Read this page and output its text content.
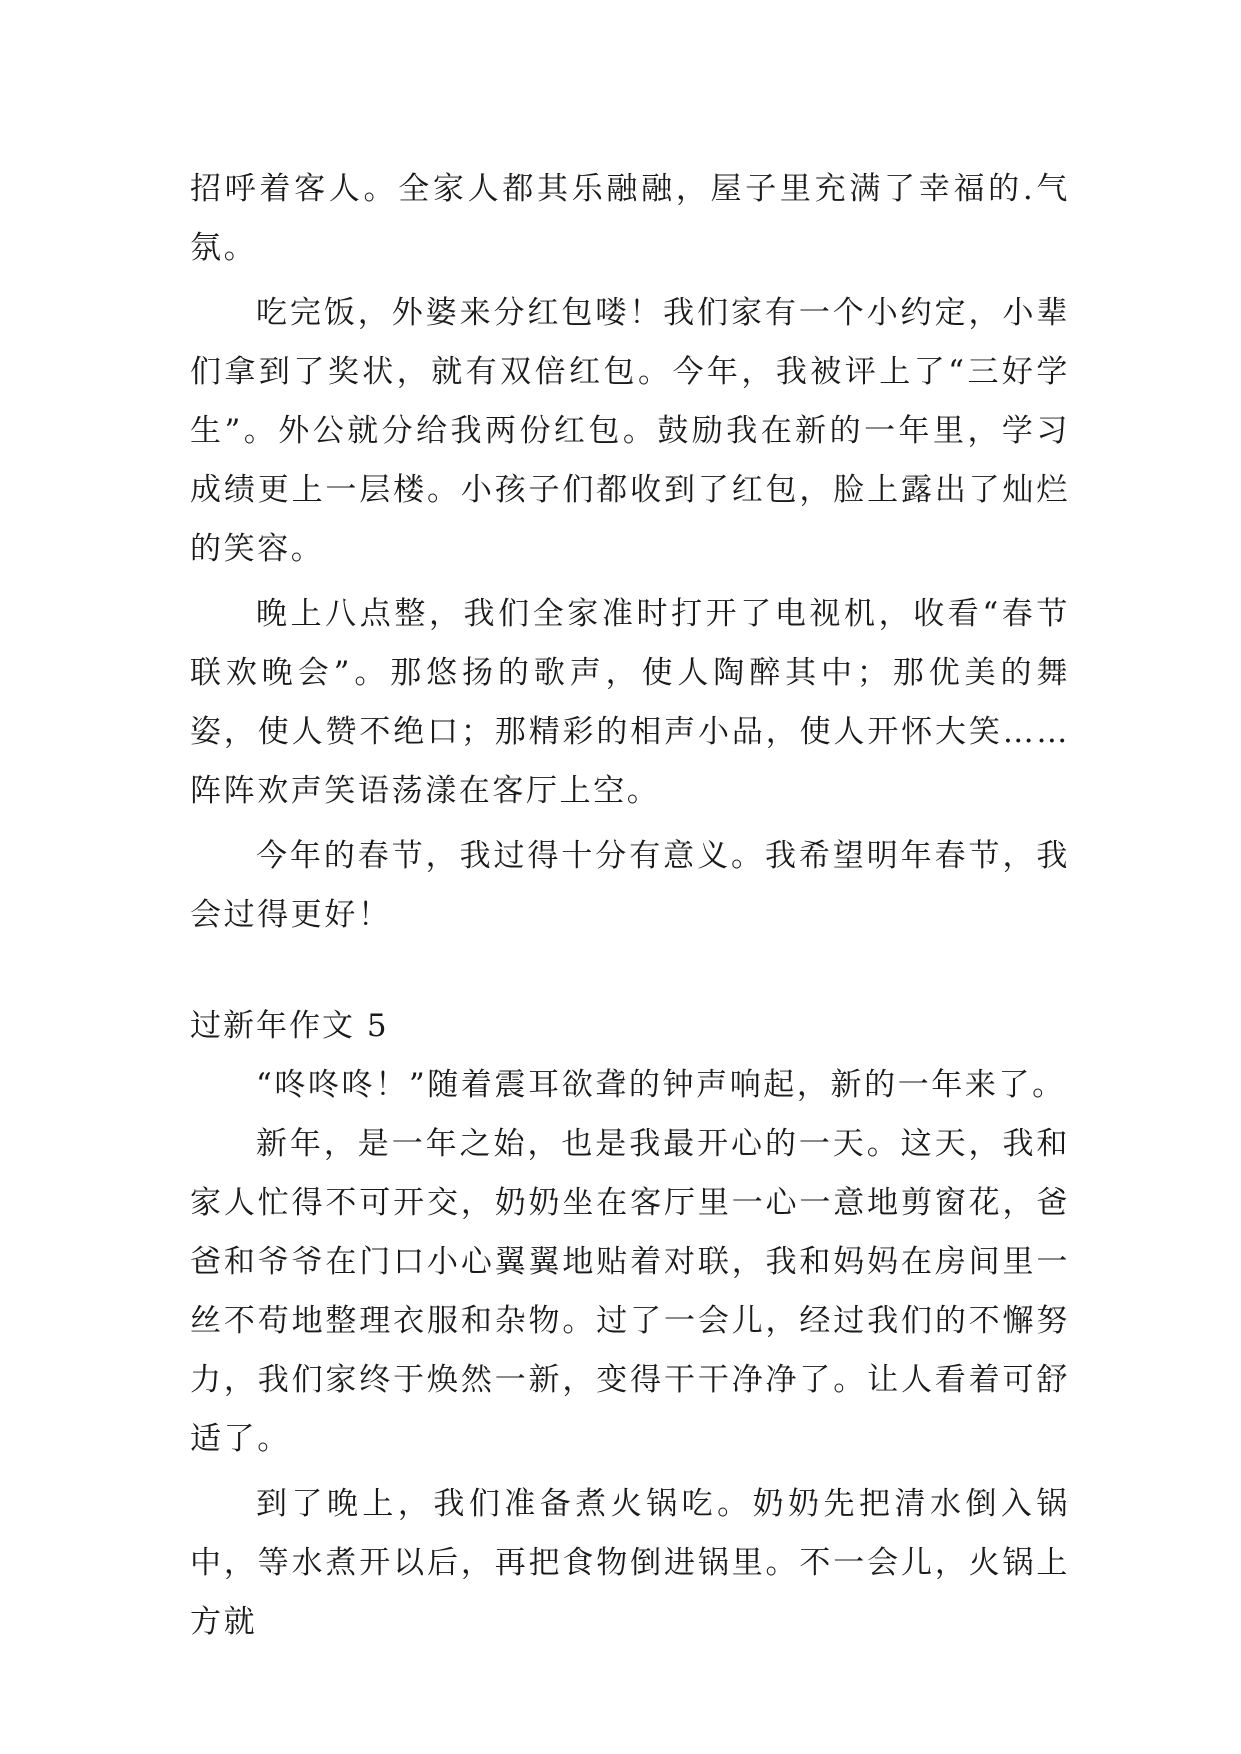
招呼着客人。全家人都其乐融融，屋子里充满了幸福的.气氛。

吃完饭，外婆来分红包喽！我们家有一个小约定，小辈们拿到了奖状，就有双倍红包。今年，我被评上了“三好学生”。外公就分给我两份红包。鼓励我在新的一年里，学习成绩更上一层楼。小孩子们都收到了红包，脸上露出了灿烂的笑容。

晚上八点整，我们全家准时打开了电视机，收看“春节联欢晚会”。那悠扬的歌声，使人陶醉其中；那优美的舞姿，使人赞不绝口；那精彩的相声小品，使人开怀大笑……阵阵欢声笑语荡漾在客厅上空。

今年的春节，我过得十分有意义。我希望明年春节，我会过得更好！

过新年作文 5

“咚咚咚！”随着震耳欲聋的钟声响起，新的一年来了。

新年，是一年之始，也是我最开心的一天。这天，我和家人忙得不可开交，奶奶坐在客厅里一心一意地剪窗花，爸爸和爷爷在门口小心翼翼地贴着对联，我和妈妈在房间里一丝不苟地整理衣服和杂物。过了一会儿，经过我们的不懈努力，我们家终于焕然一新，变得干干净净了。让人看着可舒适了。

到了晚上，我们准备煮火锅吃。奶奶先把清水倒入锅中，等水煮开以后，再把食物倒进锅里。不一会儿，火锅上方就
